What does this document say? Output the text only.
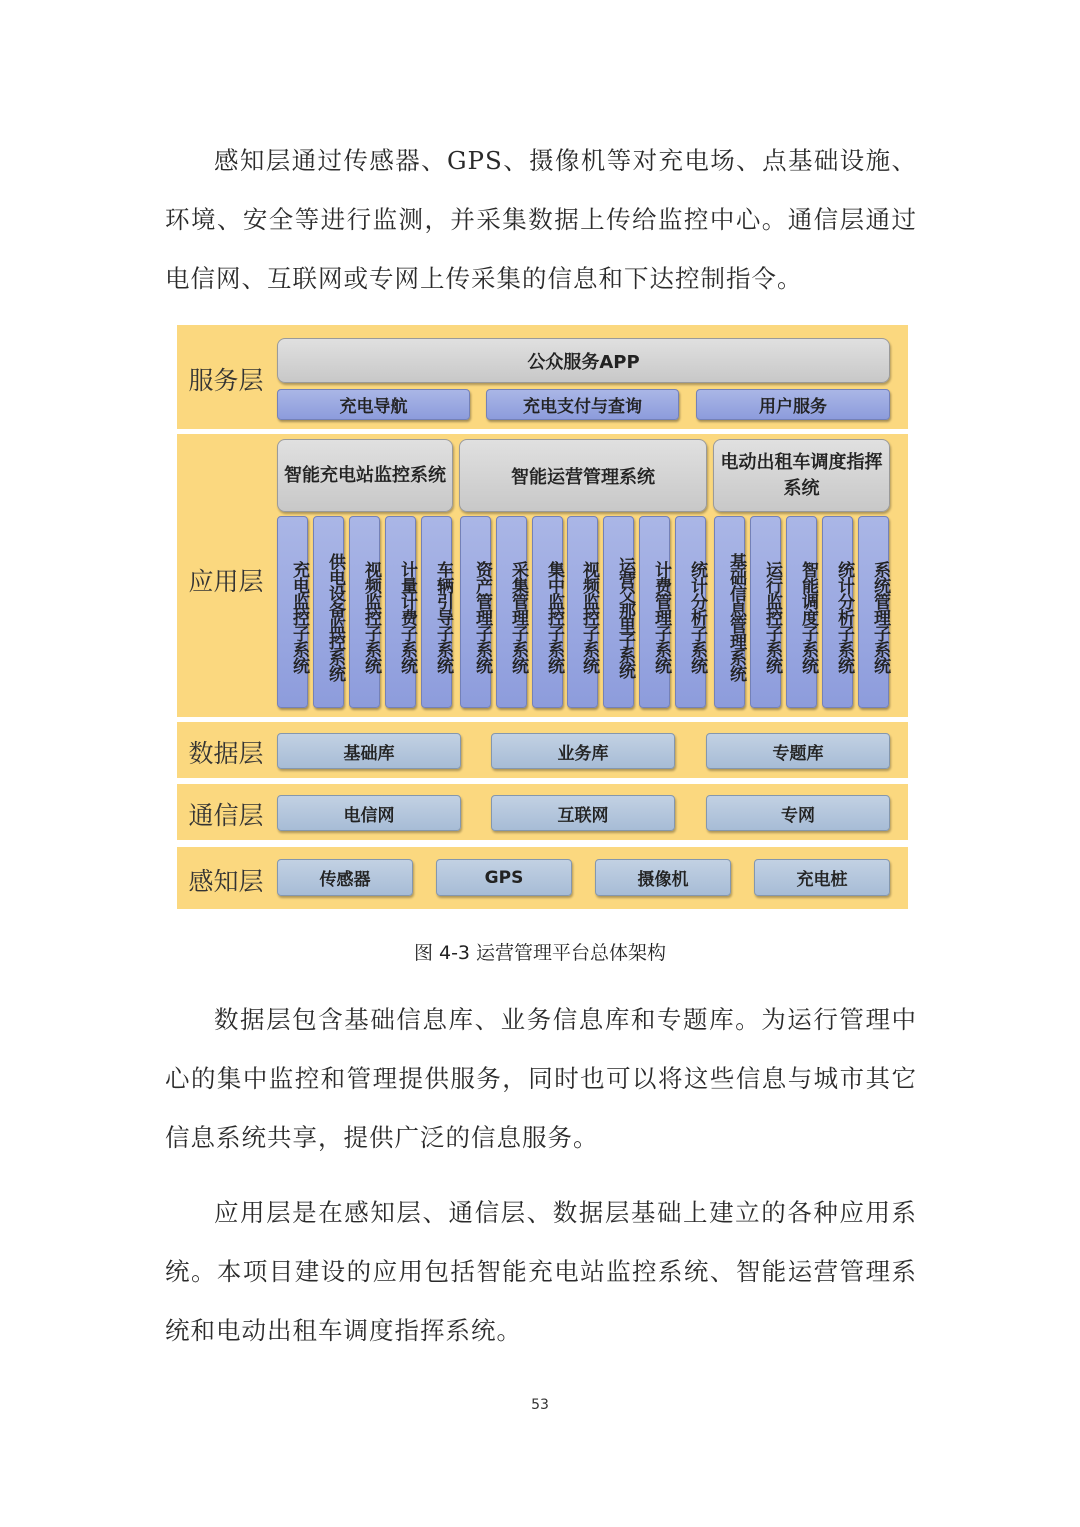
感知层通过传感器、GPS、摄像机等对充电场、点基础设施、环境、安全等进行监测，并采集数据上传给监控中心。通信层通过电信网、互联网或专网上传采集的信息和下达控制指令。

服务层
公众服务APP
充电导航	充电支付与查询	用户服务
应用层
智能充电站监控系统	智能运营管理系统
电动出租车调度指挥系统
充电监控子系统 供电设备监控系统 视频监控子系统 计量计费子系统 车辆引导子系统	资产管理子系统 采集管理子系统 集中监控子系统 视频监控子系统 运营父那里子系统 计费管理子系统 统计分析子系统	基础信息管理系统 运行监控子系统 智能调度子系统 统计分析子系统 系统管理子系统
数据层	基础库	业务库	专题库
通信层	电信网	互联网	专网
感知层	传感器	GPS	摄像机	充电桩
图 4-3 运营管理平台总体架构

数据层包含基础信息库、业务信息库和专题库。为运行管理中心的集中监控和管理提供服务，同时也可以将这些信息与城市其它信息系统共享，提供广泛的信息服务。

应用层是在感知层、通信层、数据层基础上建立的各种应用系统。本项目建设的应用包括智能充电站监控系统、智能运营管理系统和电动出租车调度指挥系统。

53
